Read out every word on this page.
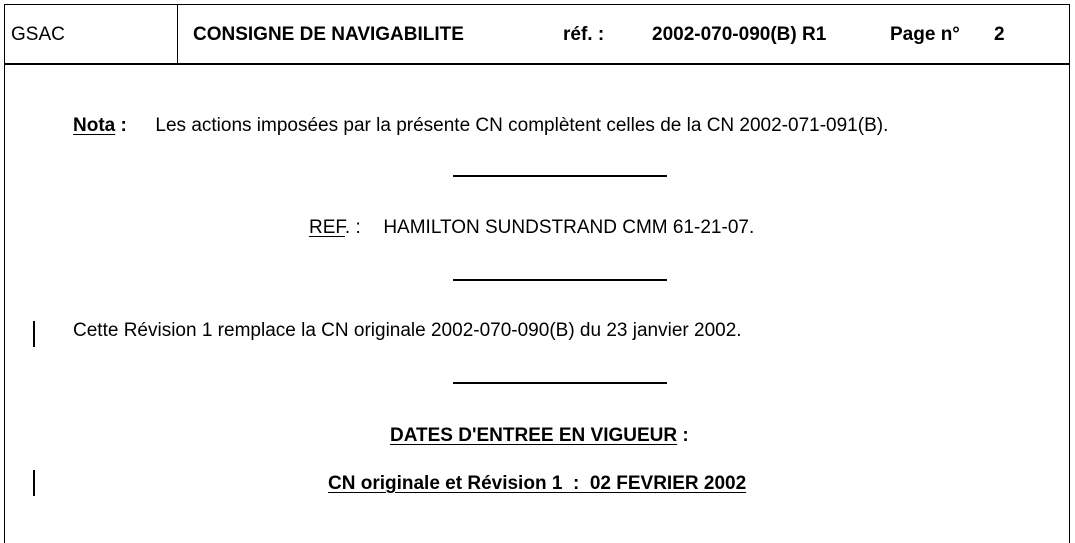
GSAC	CONSIGNE DE NAVIGABILITE	réf. :	2002-070-090(B) R1	Page n° 2
Nota : Les actions imposées par la présente CN complètent celles de la CN 2002-071-091(B).
REF. : HAMILTON SUNDSTRAND CMM 61-21-07.
Cette Révision 1 remplace la CN originale 2002-070-090(B) du 23 janvier 2002.
DATES D'ENTREE EN VIGUEUR :
CN originale et Révision 1  :  02 FEVRIER 2002
